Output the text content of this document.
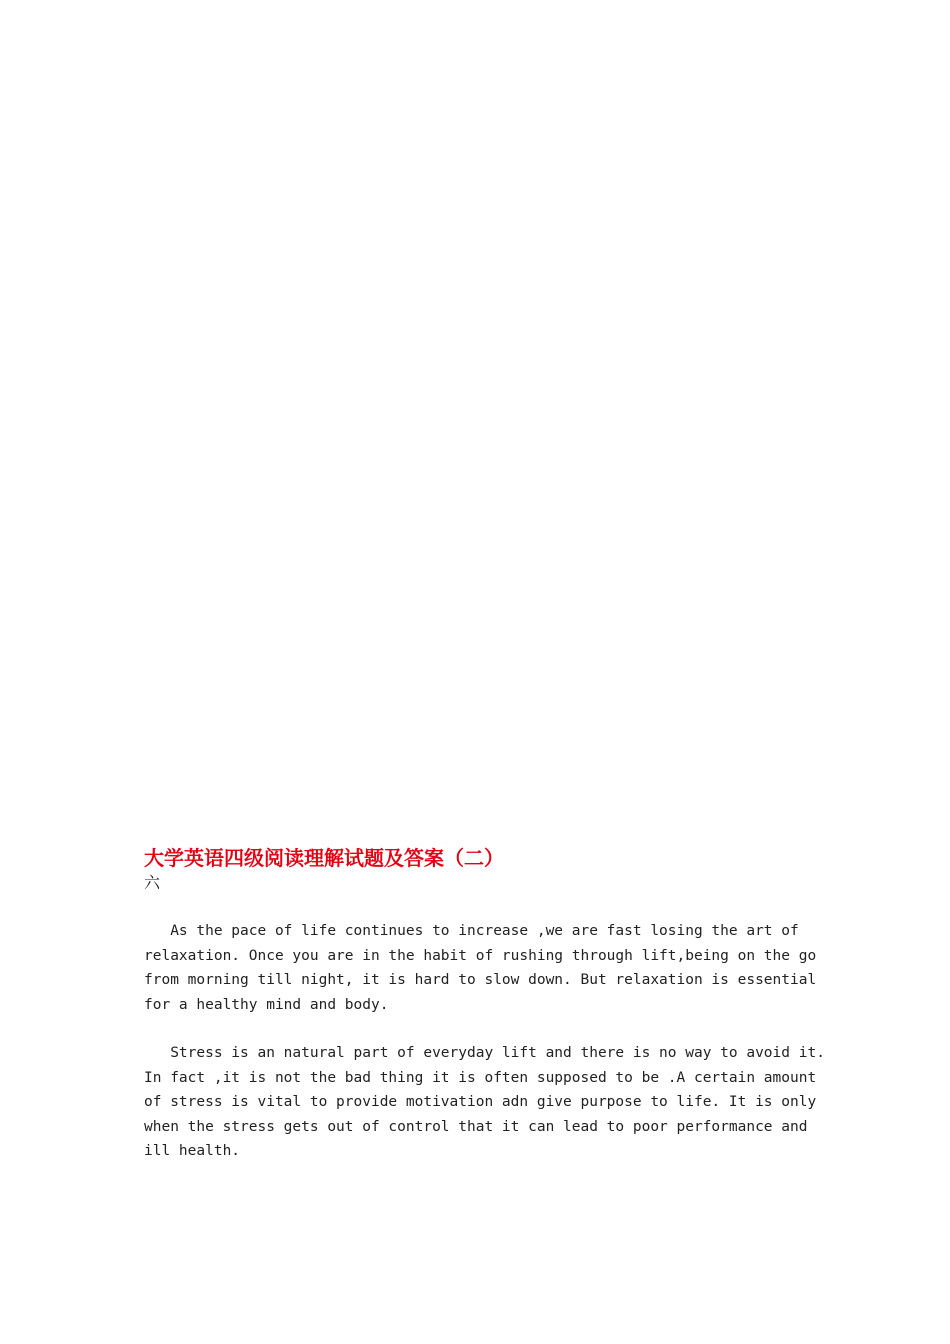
大学英语四级阅读理解试题及答案（二）
六

As the pace of life continues to increase ,we are fast losing the art of
relaxation. Once you are in the habit of rushing through lift,being on the go
from morning till night, it is hard to slow down. But relaxation is essential
for a healthy mind and body.

Stress is an natural part of everyday lift and there is no way to avoid it.
In fact ,it is not the bad thing it is often supposed to be .A certain amount
of stress is vital to provide motivation adn give purpose to life. It is only
when the stress gets out of control that it can lead to poor performance and
ill health.
